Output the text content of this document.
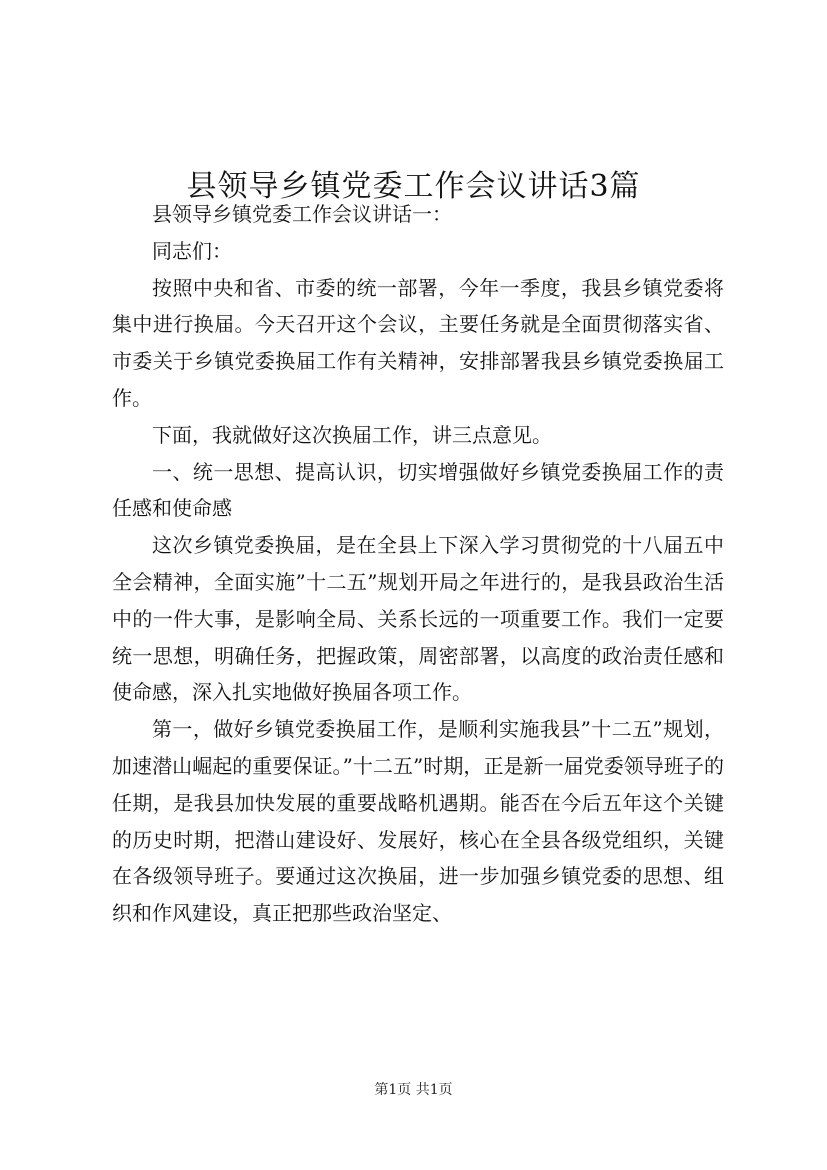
县领导乡镇党委工作会议讲话3篇

县领导乡镇党委工作会议讲话一：

同志们：

按照中央和省、市委的统一部署，今年一季度，我县乡镇党委将集中进行换届。今天召开这个会议，主要任务就是全面贯彻落实省、市委关于乡镇党委换届工作有关精神，安排部署我县乡镇党委换届工作。

下面，我就做好这次换届工作，讲三点意见。

一、统一思想、提高认识，切实增强做好乡镇党委换届工作的责任感和使命感

这次乡镇党委换届，是在全县上下深入学习贯彻党的十八届五中全会精神，全面实施”十二五”规划开局之年进行的，是我县政治生活中的一件大事，是影响全局、关系长远的一项重要工作。我们一定要统一思想，明确任务，把握政策，周密部署，以高度的政治责任感和使命感，深入扎实地做好换届各项工作。

第一，做好乡镇党委换届工作，是顺利实施我县”十二五”规划，加速潜山崛起的重要保证。”十二五”时期，正是新一届党委领导班子的任期，是我县加快发展的重要战略机遇期。能否在今后五年这个关键的历史时期，把潜山建设好、发展好，核心在全县各级党组织，关键在各级领导班子。要通过这次换届，进一步加强乡镇党委的思想、组织和作风建设，真正把那些政治坚定、

第1页 共1页
